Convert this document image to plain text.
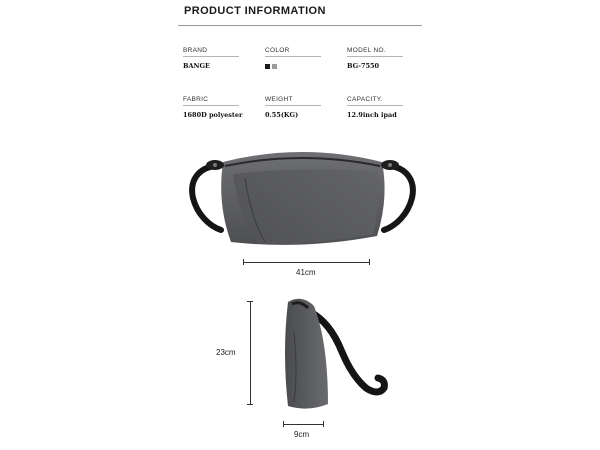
PRODUCT INFORMATION
BRAND
BANGE
COLOR	MODEL NO.
BG-7550
FABRIC
1680D polyester
WEIGHT
0.55(KG)
CAPACITY.
12.9inch ipad
41cm
23cm
9cm
